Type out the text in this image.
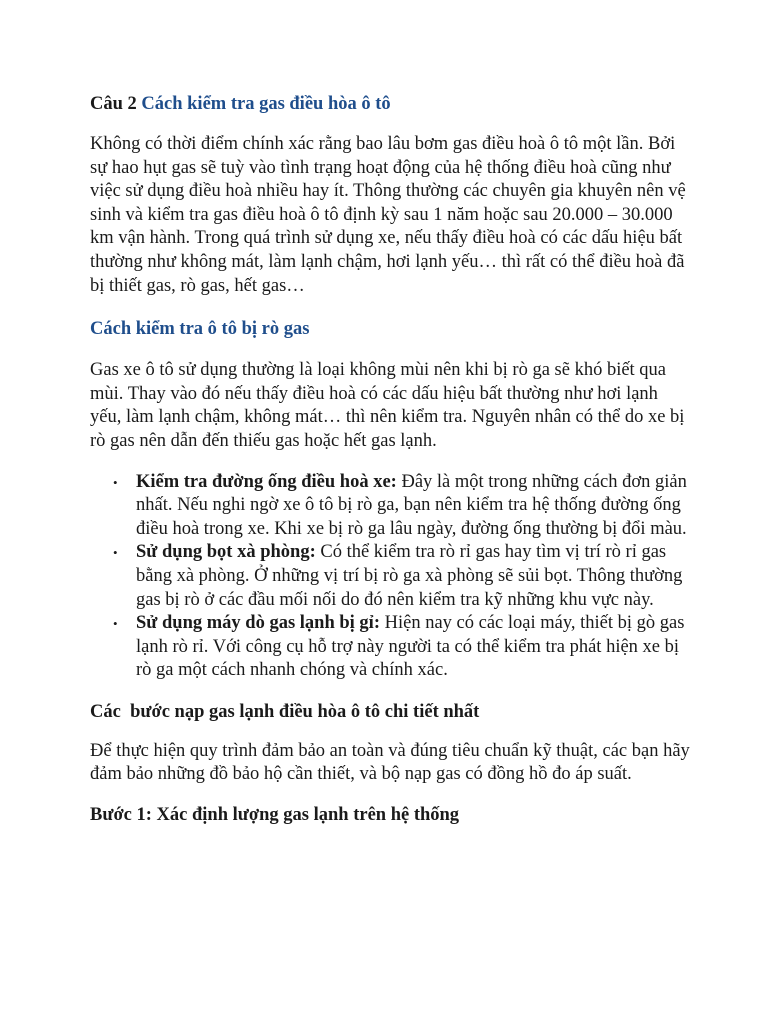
Câu 2 Cách kiểm tra gas điều hòa ô tô

Không có thời điểm chính xác rằng bao lâu bơm gas điều hoà ô tô một lần. Bởi sự hao hụt gas sẽ tuỳ vào tình trạng hoạt động của hệ thống điều hoà cũng như việc sử dụng điều hoà nhiều hay ít. Thông thường các chuyên gia khuyên nên vệ sinh và kiểm tra gas điều hoà ô tô định kỳ sau 1 năm hoặc sau 20.000 – 30.000 km vận hành. Trong quá trình sử dụng xe, nếu thấy điều hoà có các dấu hiệu bất thường như không mát, làm lạnh chậm, hơi lạnh yếu… thì rất có thể điều hoà đã bị thiết gas, rò gas, hết gas…

Cách kiểm tra ô tô bị rò gas

Gas xe ô tô sử dụng thường là loại không mùi nên khi bị rò ga sẽ khó biết qua mùi. Thay vào đó nếu thấy điều hoà có các dấu hiệu bất thường như hơi lạnh yếu, làm lạnh chậm, không mát… thì nên kiểm tra. Nguyên nhân có thể do xe bị rò gas nên dẫn đến thiếu gas hoặc hết gas lạnh.

• Kiểm tra đường ống điều hoà xe: Đây là một trong những cách đơn giản nhất. Nếu nghi ngờ xe ô tô bị rò ga, bạn nên kiểm tra hệ thống đường ống điều hoà trong xe. Khi xe bị rò ga lâu ngày, đường ống thường bị đổi màu.
• Sử dụng bọt xà phòng: Có thể kiểm tra rò rỉ gas hay tìm vị trí rò rỉ gas bằng xà phòng. Ở những vị trí bị rò ga xà phòng sẽ sủi bọt. Thông thường gas bị rò ở các đầu mối nối do đó nên kiểm tra kỹ những khu vực này.
• Sử dụng máy dò gas lạnh bị gỉ: Hiện nay có các loại máy, thiết bị gò gas lạnh rò rỉ. Với công cụ hỗ trợ này người ta có thể kiểm tra phát hiện xe bị rò ga một cách nhanh chóng và chính xác.
Các  bước nạp gas lạnh điều hòa ô tô chi tiết nhất

Để thực hiện quy trình đảm bảo an toàn và đúng tiêu chuẩn kỹ thuật, các bạn hãy đảm bảo những đồ bảo hộ cần thiết, và bộ nạp gas có đồng hồ đo áp suất.

Bước 1: Xác định lượng gas lạnh trên hệ thống
